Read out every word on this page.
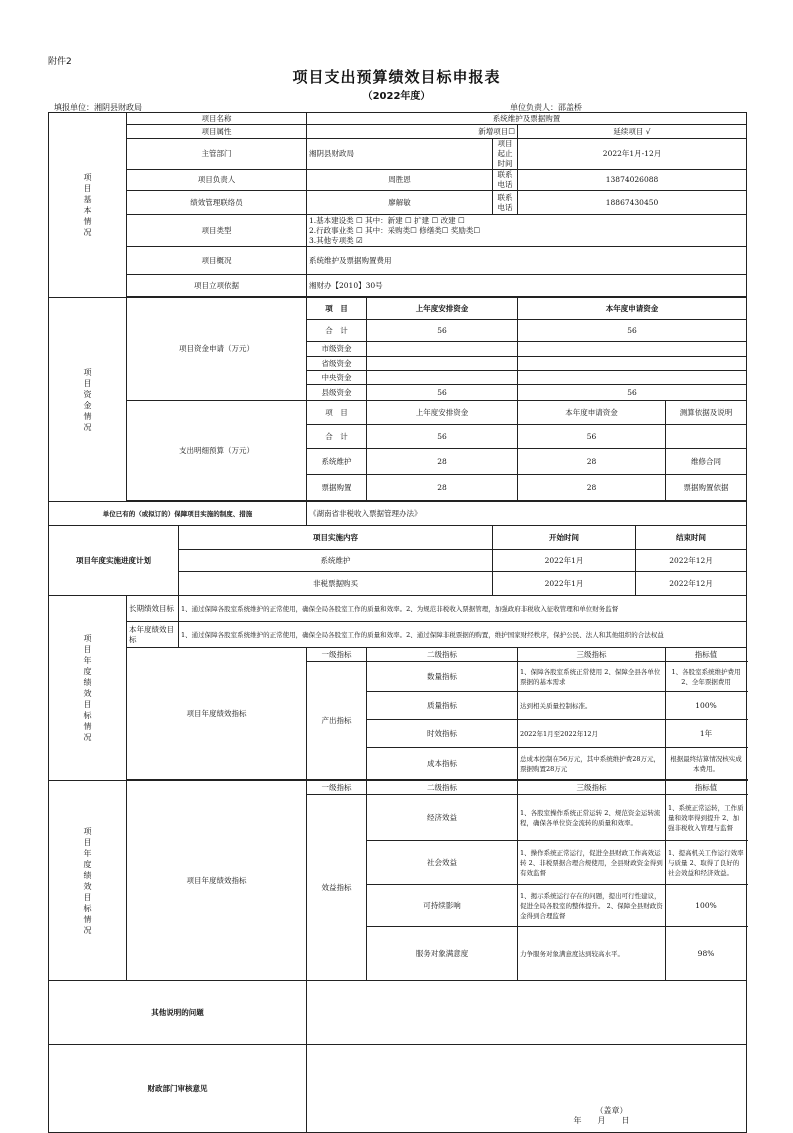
附件2
项目支出预算绩效目标申报表
（2022年度）
填报单位：湘阴县财政局	单位负责人：邵盖桥
项目基本情况	项目名称		系统维护及票据购置					
	项目属性		新增项目☐			延续项目 √		
	主管部门		湘阴县财政局		项目起止时间	2022年1月-12月		
	项目负责人		周胜恩		联系电话	13874026088		
	绩效管理联络员		廖解敏		联系电话	18867430450		
	项目类型		1.基本建设类 ☐ 其中：新建 ☐ 扩建 ☐ 改建 ☐
2.行政事业类 ☐ 其中：采购类☐ 修缮类☐ 奖励类☐
3.其他专项类 ☑					

	项目概况		系统维护及票据购置费用					
	项目立项依据		湘财办【2010】30号					

项目资金情况	项目资金申请（万元）		项　目	上年度安排资金		本年度申请资金		
			合　计	56		56		
			市级资金					
			省级资金					
			中央资金					
			县级资金	56		56		
	支出明细预算（万元）		项　目	上年度安排资金		本年度申请资金		测算依据及说明
			合　计	56		56		
			系统维护	28		28		维修合同
			票据购置	28		28		票据购置依据

单位已有的（或拟订的）保障项目实施的制度、措施			《湖南省非税收入票据管理办法》					
项目年度实施进度计划		项目实施内容			开始时间		结束时间	
		系统维护			2022年1月		2022年12月	
		非税票据购买			2022年1月		2022年12月	
项目年度绩效目标情况	长期绩效目标	1、通过保障各股室系统维护的正常使用，确保全局各股室工作的质量和效率。2、为规范非税收入票据管理，加强政府非税收入征收管理和单位财务监督						
	本年度绩效目标	1、通过保障各股室系统维护的正常使用，确保全局各股室工作的质量和效率。2、通过保障非税票据的购置，维护国家财经秩序，保护公民、法人和其他组织的合法权益						
	项目年度绩效指标		一级指标	二级指标		三级指标		指标值
			产出指标	数量指标		1、保障各股室系统正常使用 2、保障全县各单位票据的基本需求		1、各股室系统维护费用 2、全年票据费用
				质量指标		达到相关质量控制标准。		100%
				时效指标		2022年1月至2022年12月		1年
				成本指标		总成本控制在56万元，其中系统维护费28万元，票据购置28万元		根据最终结算情况核实成本费用。

项目年度绩效目标情况	项目年度绩效指标		一级指标	二级指标		三级指标		指标值
			效益指标	经济效益		1、各股室操作系统正常运转 2、规范资金运转流程，确保各单位资金流转的质量和效率。		1、系统正常运转，工作质量和效率得到提升 2、加强非税收入管理与监督
				社会效益		1、操作系统正常运行，促进全县财政工作高效运转 2、非税票据合理合规使用，全县财政资金得到有效监督		1、提高机关工作运行效率与质量 2、取得了良好的社会效益和经济效益。
				可持续影响		1、揭示系统运行存在的问题，提出可行性建议，促进全局各股室的整体提升。 2、保障全县财政资金得到合理监督		100%
				服务对象满意度		力争服务对象满意度达到较高水平。		98%
其他说明的问题								
财政部门审核意见			（盖章）
年　　月　　日					
